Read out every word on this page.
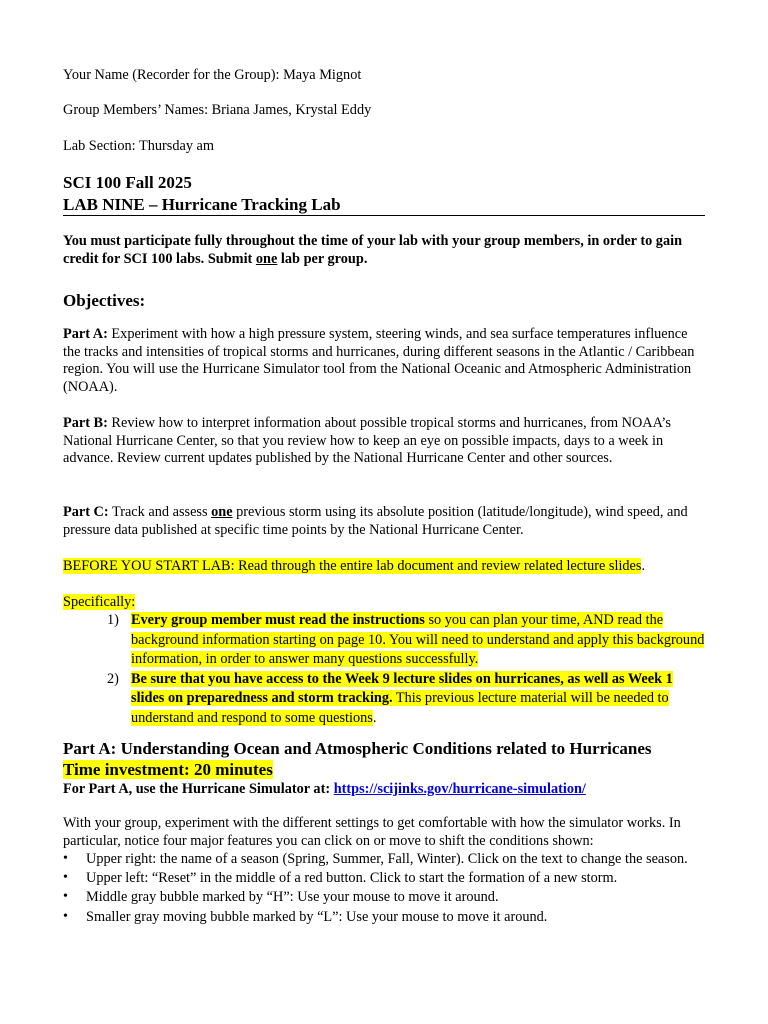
Your Name (Recorder for the Group): Maya Mignot
Group Members’ Names: Briana James, Krystal Eddy
Lab Section: Thursday am
SCI 100 Fall 2025
LAB NINE – Hurricane Tracking Lab
You must participate fully throughout the time of your lab with your group members, in order to gain credit for SCI 100 labs. Submit one lab per group.
Objectives:
Part A: Experiment with how a high pressure system, steering winds, and sea surface temperatures influence the tracks and intensities of tropical storms and hurricanes, during different seasons in the Atlantic / Caribbean region. You will use the Hurricane Simulator tool from the National Oceanic and Atmospheric Administration (NOAA).
Part B: Review how to interpret information about possible tropical storms and hurricanes, from NOAA’s National Hurricane Center, so that you review how to keep an eye on possible impacts, days to a week in advance. Review current updates published by the National Hurricane Center and other sources.
Part C: Track and assess one previous storm using its absolute position (latitude/longitude), wind speed, and pressure data published at specific time points by the National Hurricane Center.
BEFORE YOU START LAB: Read through the entire lab document and review related lecture slides.
Specifically:
1) Every group member must read the instructions so you can plan your time, AND read the background information starting on page 10. You will need to understand and apply this background information, in order to answer many questions successfully.
2) Be sure that you have access to the Week 9 lecture slides on hurricanes, as well as Week 1 slides on preparedness and storm tracking. This previous lecture material will be needed to understand and respond to some questions.
Part A: Understanding Ocean and Atmospheric Conditions related to Hurricanes
Time investment: 20 minutes
For Part A, use the Hurricane Simulator at: https://scijinks.gov/hurricane-simulation/
With your group, experiment with the different settings to get comfortable with how the simulator works. In particular, notice four major features you can click on or move to shift the conditions shown:
• Upper right: the name of a season (Spring, Summer, Fall, Winter). Click on the text to change the season.
• Upper left: “Reset” in the middle of a red button. Click to start the formation of a new storm.
• Middle gray bubble marked by “H”: Use your mouse to move it around.
• Smaller gray moving bubble marked by “L”: Use your mouse to move it around.
